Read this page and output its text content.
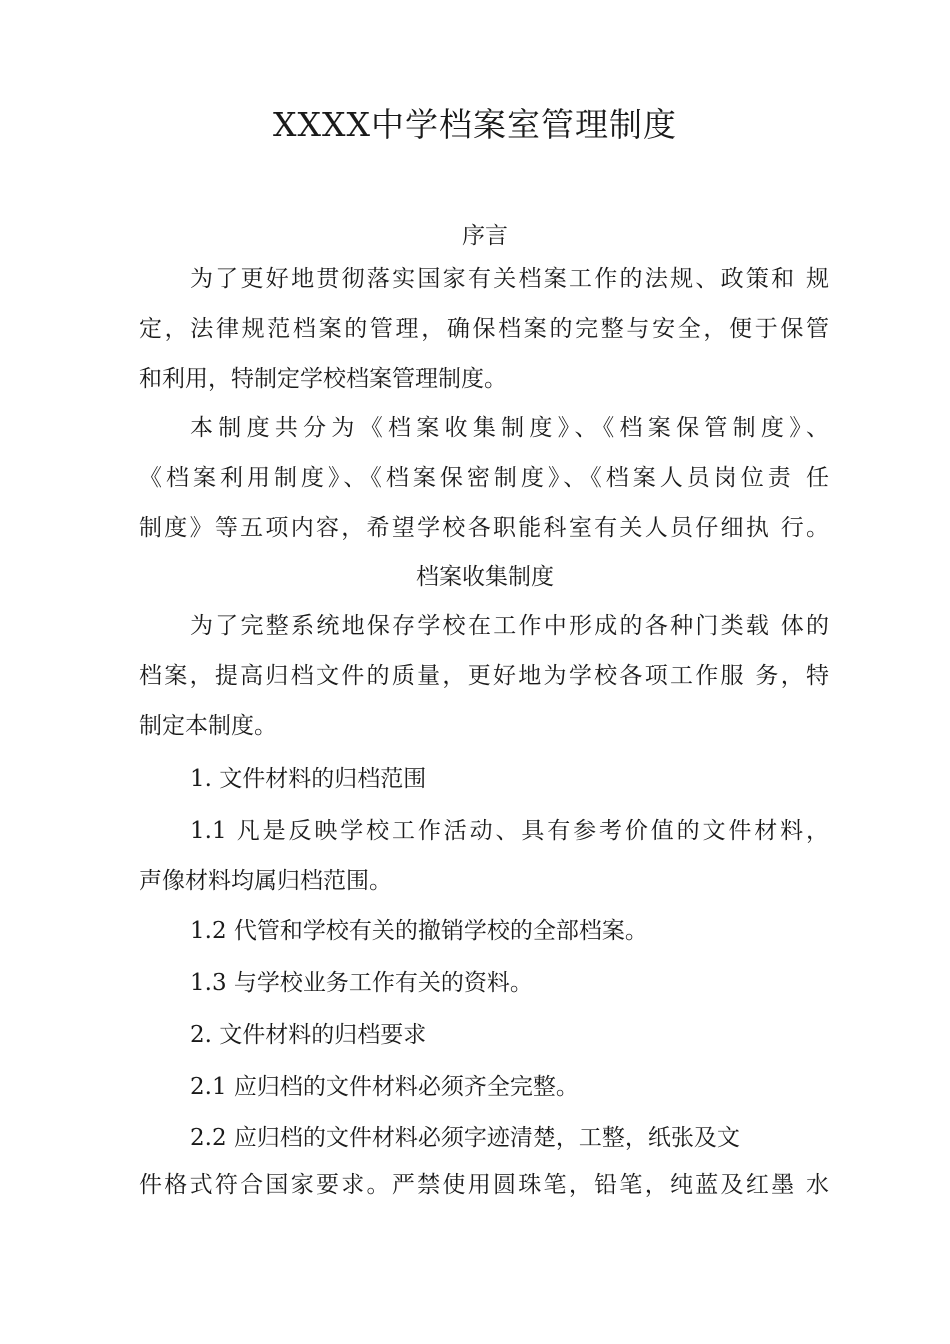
XXXX中学档案室管理制度
序言
为了更好地贯彻落实国家有关档案工作的法规、政策和 规
定，法律规范档案的管理，确保档案的完整与安全，便于保管
和利用，特制定学校档案管理制度。
本制度共分为《档案收集制度》、《档案保管制度》、
《档案利用制度》、《档案保密制度》、《档案人员岗位责 任
制度》等五项内容，希望学校各职能科室有关人员仔细执 行。
档案收集制度
为了完整系统地保存学校在工作中形成的各种门类载 体的
档案，提高归档文件的质量，更好地为学校各项工作服 务，特
制定本制度。
1. 文件材料的归档范围
1.1 凡是反映学校工作活动、具有参考价值的文件材料，
声像材料均属归档范围。
1.2 代管和学校有关的撤销学校的全部档案。
1.3 与学校业务工作有关的资料。
2. 文件材料的归档要求
2.1 应归档的文件材料必须齐全完整。
2.2 应归档的文件材料必须字迹清楚，工整，纸张及文
件格式符合国家要求。严禁使用圆珠笔，铅笔，纯蓝及红墨 水
